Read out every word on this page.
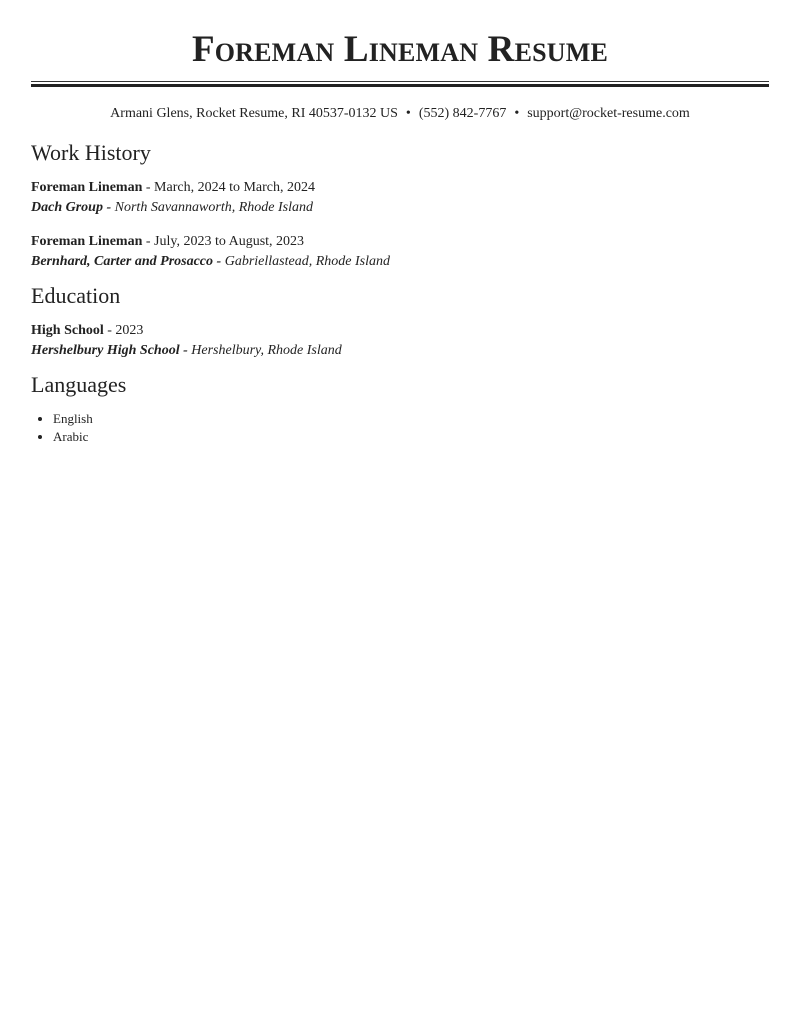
Foreman Lineman Resume
Armani Glens, Rocket Resume, RI 40537-0132 US • (552) 842-7767 • support@rocket-resume.com
Work History
Foreman Lineman - March, 2024 to March, 2024
Dach Group - North Savannaworth, Rhode Island
Foreman Lineman - July, 2023 to August, 2023
Bernhard, Carter and Prosacco - Gabriellastead, Rhode Island
Education
High School - 2023
Hershelbury High School - Hershelbury, Rhode Island
Languages
• English
• Arabic
